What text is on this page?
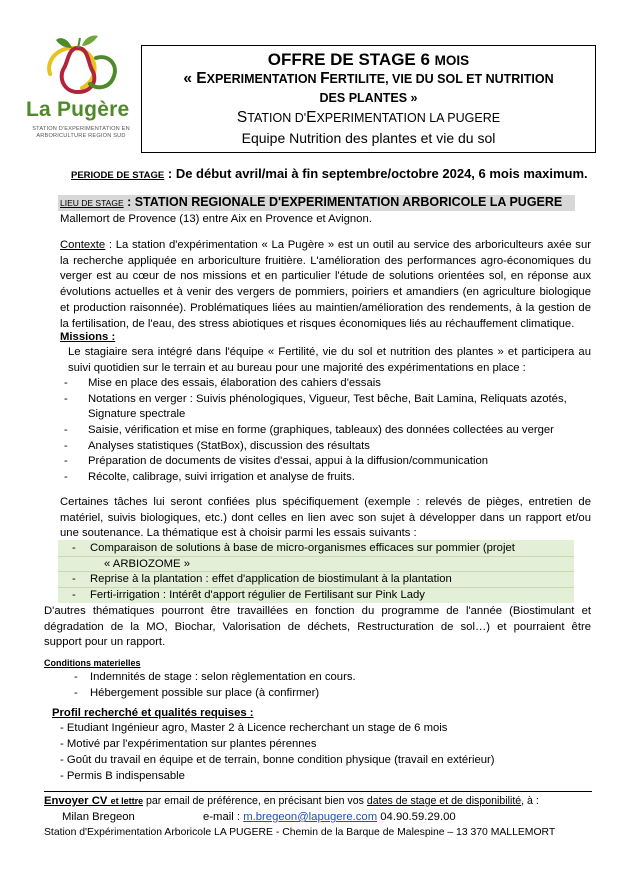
La Pugère
STATION D'EXPERIMENTATION EN ARBORICULTURE REGION SUD
OFFRE DE STAGE 6 MOIS
« EXPERIMENTATION FERTILITE, VIE DU SOL ET NUTRITION
DES PLANTES »
STATION D'EXPERIMENTATION LA PUGERE
Equipe Nutrition des plantes et vie du sol
PERIODE DE STAGE : De début avril/mai à fin septembre/octobre 2024, 6 mois maximum.
LIEU DE STAGE : STATION REGIONALE D'EXPERIMENTATION ARBORICOLE LA PUGERE
Mallemort de Provence (13) entre Aix en Provence et Avignon.
Contexte : La station d'expérimentation « La Pugère » est un outil au service des arboriculteurs axée sur
la recherche appliquée en arboriculture fruitière. L'amélioration des performances agro-économiques du
verger est au cœur de nos missions et en particulier l'étude de solutions orientées sol, en réponse aux
évolutions actuelles et à venir des vergers de pommiers, poiriers et amandiers (en agriculture biologique
et production raisonnée). Problématiques liées au maintien/amélioration des rendements, à la gestion de
la fertilisation, de l'eau, des stress abiotiques et risques économiques liés au réchauffement climatique.
Missions :
Le stagiaire sera intégré dans l'équipe « Fertilité, vie du sol et nutrition des plantes » et participera au
suivi quotidien sur le terrain et au bureau pour une majorité des expérimentations en place :
- Mise en place des essais, élaboration des cahiers d'essais
- Notations en verger : Suivis phénologiques, Vigueur, Test bêche, Bait Lamina, Reliquats azotés,
Signature spectrale
- Saisie, vérification et mise en forme (graphiques, tableaux) des données collectées au verger
- Analyses statistiques (StatBox), discussion des résultats
- Préparation de documents de visites d'essai, appui à la diffusion/communication
- Récolte, calibrage, suivi irrigation et analyse de fruits.
Certaines tâches lui seront confiées plus spécifiquement (exemple : relevés de pièges, entretien de
matériel, suivis biologiques, etc.) dont celles en lien avec son sujet à développer dans un rapport et/ou
une soutenance. La thématique est à choisir parmi les essais suivants :
- Comparaison de solutions à base de micro-organismes efficaces sur pommier (projet
« ARBIOZOME »
- Reprise à la plantation : effet d'application de biostimulant à la plantation
- Ferti-irrigation : Intérêt d'apport régulier de Fertilisant sur Pink Lady
D'autres thématiques pourront être travaillées en fonction du programme de l'année (Biostimulant et
dégradation de la MO, Biochar, Valorisation de déchets, Restructuration de sol…) et pourraient être
support pour un rapport.
Conditions materielles
- Indemnités de stage : selon règlementation en cours.
- Hébergement possible sur place (à confirmer)
Profil recherché et qualités requises :
- Etudiant Ingénieur agro, Master 2 à Licence recherchant un stage de 6 mois
- Motivé par l'expérimentation sur plantes pérennes
- Goût du travail en équipe et de terrain, bonne condition physique (travail en extérieur)
- Permis B indispensable
Envoyer CV et lettre par email de préférence, en précisant bien vos dates de stage et de disponibilité, à :
Milan Bregeon	e-mail : m.bregeon@lapugere.com 04.90.59.29.00
Station d'Expérimentation Arboricole LA PUGERE - Chemin de la Barque de Malespine – 13 370 MALLEMORT
